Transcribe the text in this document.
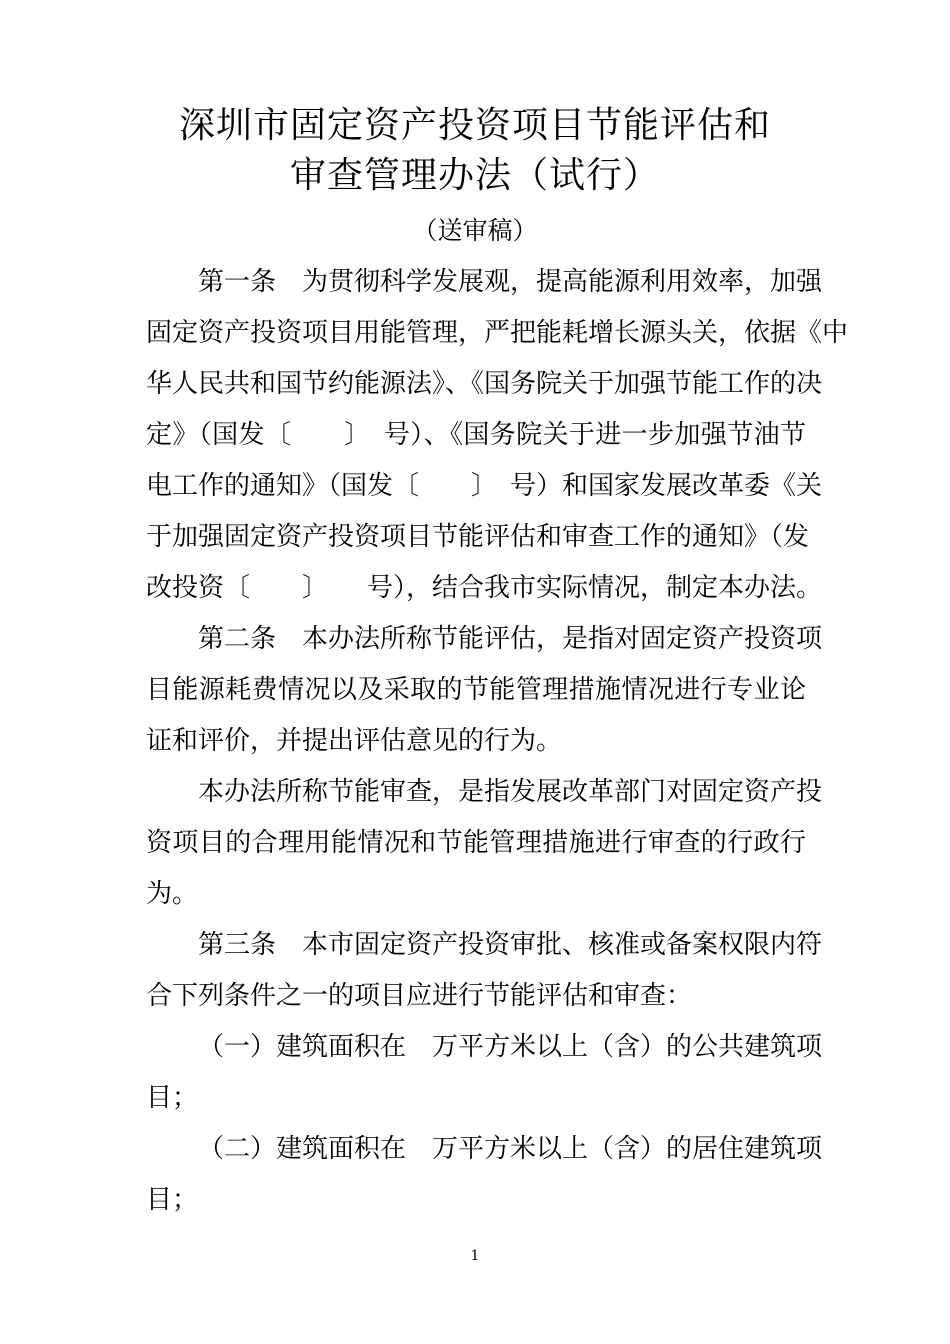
深圳市固定资产投资项目节能评估和
审查管理办法（试行）
（送审稿）
第一条　为贯彻科学发展观，提高能源利用效率，加强
固定资产投资项目用能管理，严把能耗增长源头关，依据《中
华人民共和国节约能源法》、《国务院关于加强节能工作的决
定》（国发〔　　〕　号）、《国务院关于进一步加强节油节
电工作的通知》（国发〔　　〕　号）和国家发展改革委《关
于加强固定资产投资项目节能评估和审查工作的通知》（发
改投资〔　　〕　　号），结合我市实际情况，制定本办法。
第二条　本办法所称节能评估，是指对固定资产投资项
目能源耗费情况以及采取的节能管理措施情况进行专业论
证和评价，并提出评估意见的行为。
本办法所称节能审查，是指发展改革部门对固定资产投
资项目的合理用能情况和节能管理措施进行审查的行政行
为。
第三条　本市固定资产投资审批、核准或备案权限内符
合下列条件之一的项目应进行节能评估和审查：
（一）建筑面积在　万平方米以上（含）的公共建筑项
目；
（二）建筑面积在　万平方米以上（含）的居住建筑项
目；
1
